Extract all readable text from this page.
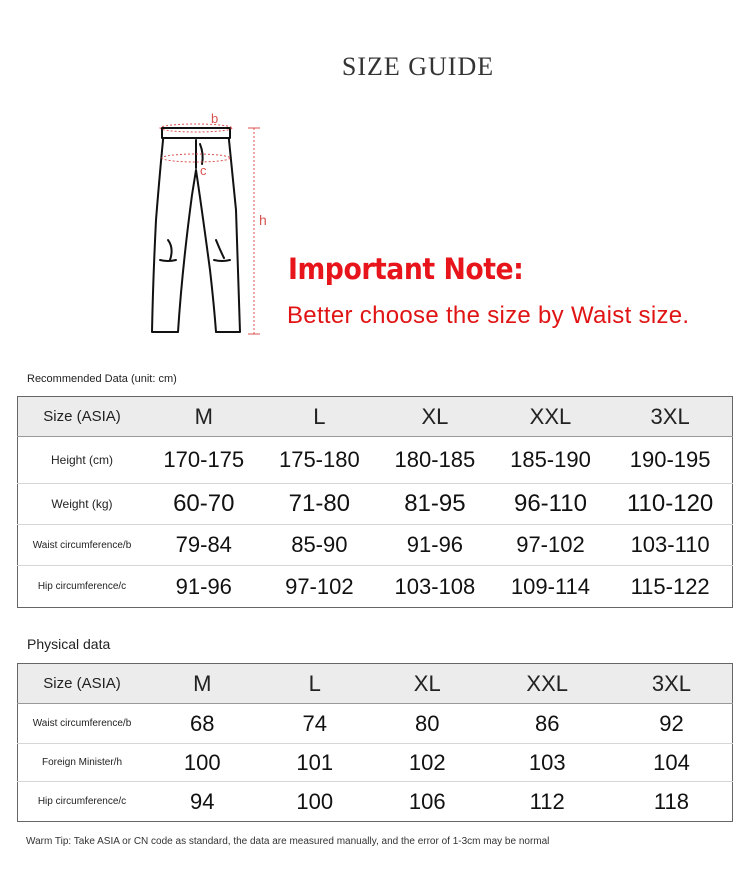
SIZE GUIDE
b
c
h
Important Note:
Better choose the size by Waist size.
Recommended Data (unit: cm)
Size (ASIA)	M	L	XL	XXL	3XL
Height (cm)	170-175	175-180	180-185	185-190	190-195
Weight (kg)	60-70	71-80	81-95	96-110	110-120
Waist circumference/b	79-84	85-90	91-96	97-102	103-110
Hip circumference/c	91-96	97-102	103-108	109-114	115-122
Physical data
Size (ASIA)	M	L	XL	XXL	3XL
Waist circumference/b	68	74	80	86	92
Foreign Minister/h	100	101	102	103	104
Hip circumference/c	94	100	106	112	118
Warm Tip: Take ASIA or CN code as standard, the data are measured manually, and the error of 1-3cm may be normal
